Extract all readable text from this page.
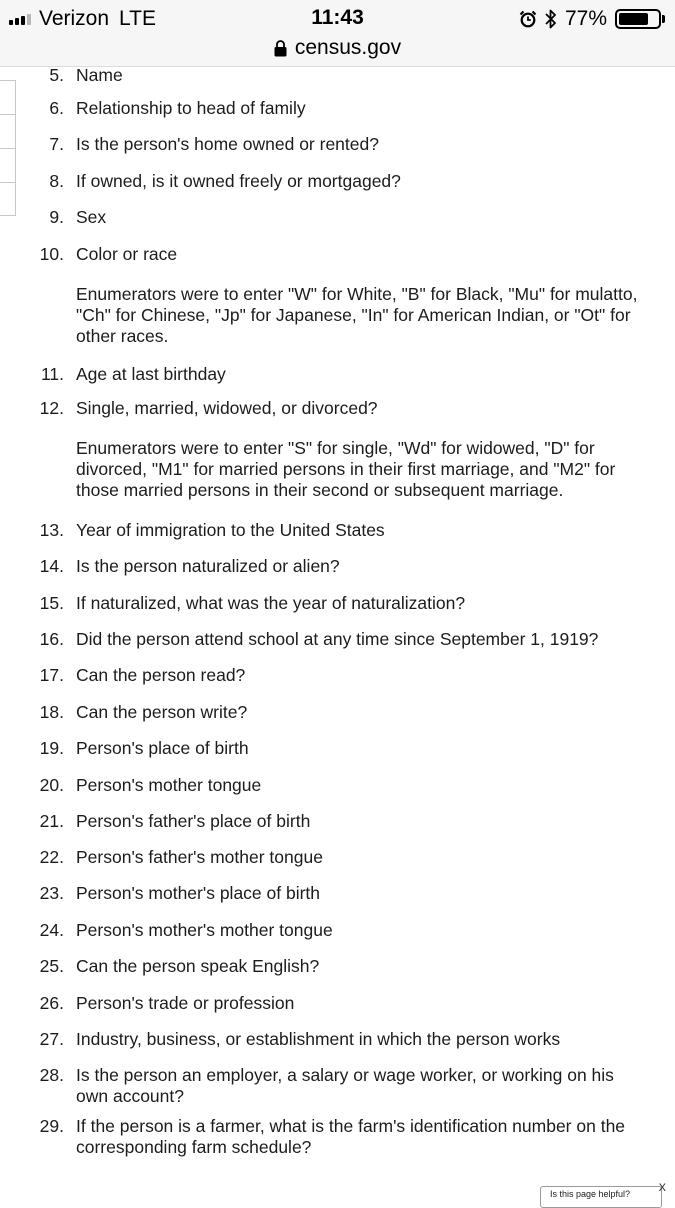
Verizon LTE	11:43	77%
census.gov
5. Name
6. Relationship to head of family
7. Is the person's home owned or rented?
8. If owned, is it owned freely or mortgaged?
9. Sex
10. Color or race
Enumerators were to enter "W" for White, "B" for Black, "Mu" for mulatto, "Ch" for Chinese, "Jp" for Japanese, "In" for American Indian, or "Ot" for other races.
11. Age at last birthday
12. Single, married, widowed, or divorced?
Enumerators were to enter "S" for single, "Wd" for widowed, "D" for divorced, "M1" for married persons in their first marriage, and "M2" for those married persons in their second or subsequent marriage.
13. Year of immigration to the United States
14. Is the person naturalized or alien?
15. If naturalized, what was the year of naturalization?
16. Did the person attend school at any time since September 1, 1919?
17. Can the person read?
18. Can the person write?
19. Person's place of birth
20. Person's mother tongue
21. Person's father's place of birth
22. Person's father's mother tongue
23. Person's mother's place of birth
24. Person's mother's mother tongue
25. Can the person speak English?
26. Person's trade or profession
27. Industry, business, or establishment in which the person works
28. Is the person an employer, a salary or wage worker, or working on his own account?
29. If the person is a farmer, what is the farm's identification number on the corresponding farm schedule?
Is this page helpful?	X
